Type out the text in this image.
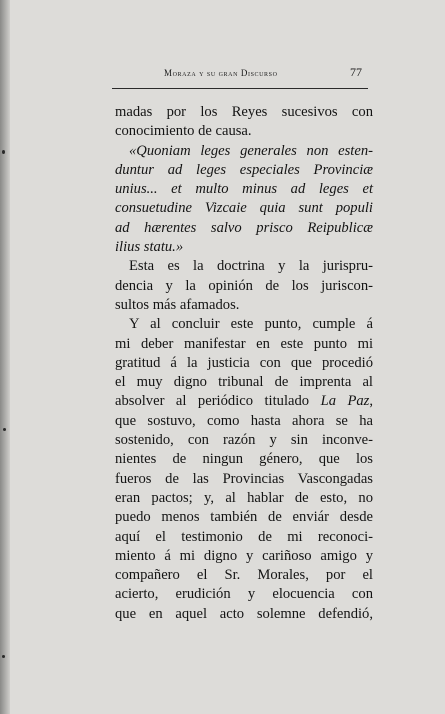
Moraza y su gran Discurso	77
madas por los Reyes sucesivos con
conocimiento de causa.
«Quoniam leges generales non esten-
duntur ad leges especiales Provinciæ
unius... et multo minus ad leges et
consuetudine Vizcaie quia sunt populi
ad hærentes salvo prisco Reipublicæ
ilius statu.»
Esta es la doctrina y la jurispru-
dencia y la opinión de los juriscon-
sultos más afamados.
Y al concluir este punto, cumple á
mi deber manifestar en este punto mi
gratitud á la justicia con que procedió
el muy digno tribunal de imprenta al
absolver al periódico titulado La Paz,
que sostuvo, como hasta ahora se ha
sostenido, con razón y sin inconve-
nientes de ningun género, que los
fueros de las Provincias Vascongadas
eran pactos; y, al hablar de esto, no
puedo menos también de enviár desde
aquí el testimonio de mi reconoci-
miento á mi digno y cariñoso amigo y
compañero el Sr. Morales, por el
acierto, erudición y elocuencia con
que en aquel acto solemne defendió,
